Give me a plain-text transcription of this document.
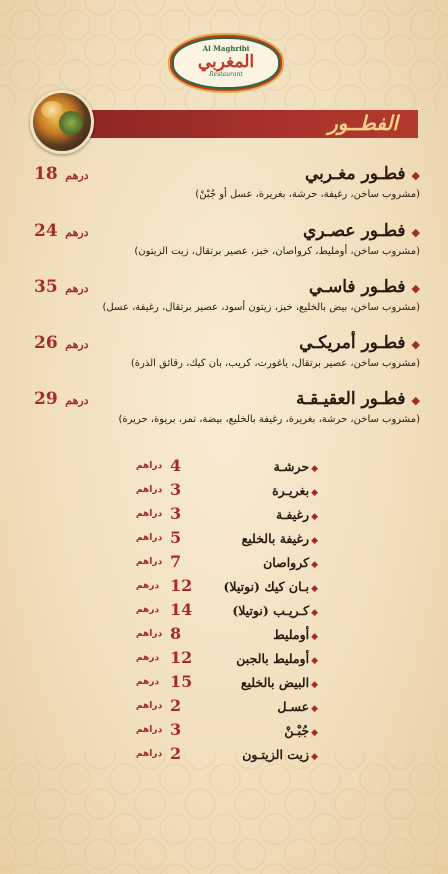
Al Maghribi
المغربي
Restaurant
الفطــور
◆فطـور مغـربي
18 درهم
(مشروب ساخن، رغيفة، حرشة، بغريرة، عسل أو جُبْنْ)
◆فطـور عصـري
24 درهم
(مشروب ساخن، أومليط، كرواصان، خبز، عصير برتقال، زيت الزيتون)
◆فطـور فاسـي
35 درهم
(مشروب ساخن، بيض بالخليع، خبز، زيتون أسود، عصير برتقال، رغيفة، عسل)
◆فطـور أمريكـي
26 درهم
(مشروب ساخن، عصير برتقال، ياغورت، كريب، بان كيك، رقائق الذرة)
◆فطـور العقيـقـة
29 درهم
(مشروب ساخن، حرشة، بغريرة، رغيفة بالخليع، بيضة، تمر، بريوة، حريرة)
◆حرشـة
4
دراهم
◆بغريـرة
3
دراهم
◆رغيفـة
3
دراهم
◆رغيفة بالخليع
5
دراهم
◆كرواصان
7
دراهم
◆بـان كيك (نوتيلا)
12
درهم
◆كـريـب (نوتيلا)
14
درهم
◆أومليط
8
دراهم
◆أومليط بالجبن
12
درهم
◆البيض بالخليع
15
درهم
◆عسـل
2
دراهم
◆جُبْـنْ
3
دراهم
◆زيت الزيتـون
2
دراهم
